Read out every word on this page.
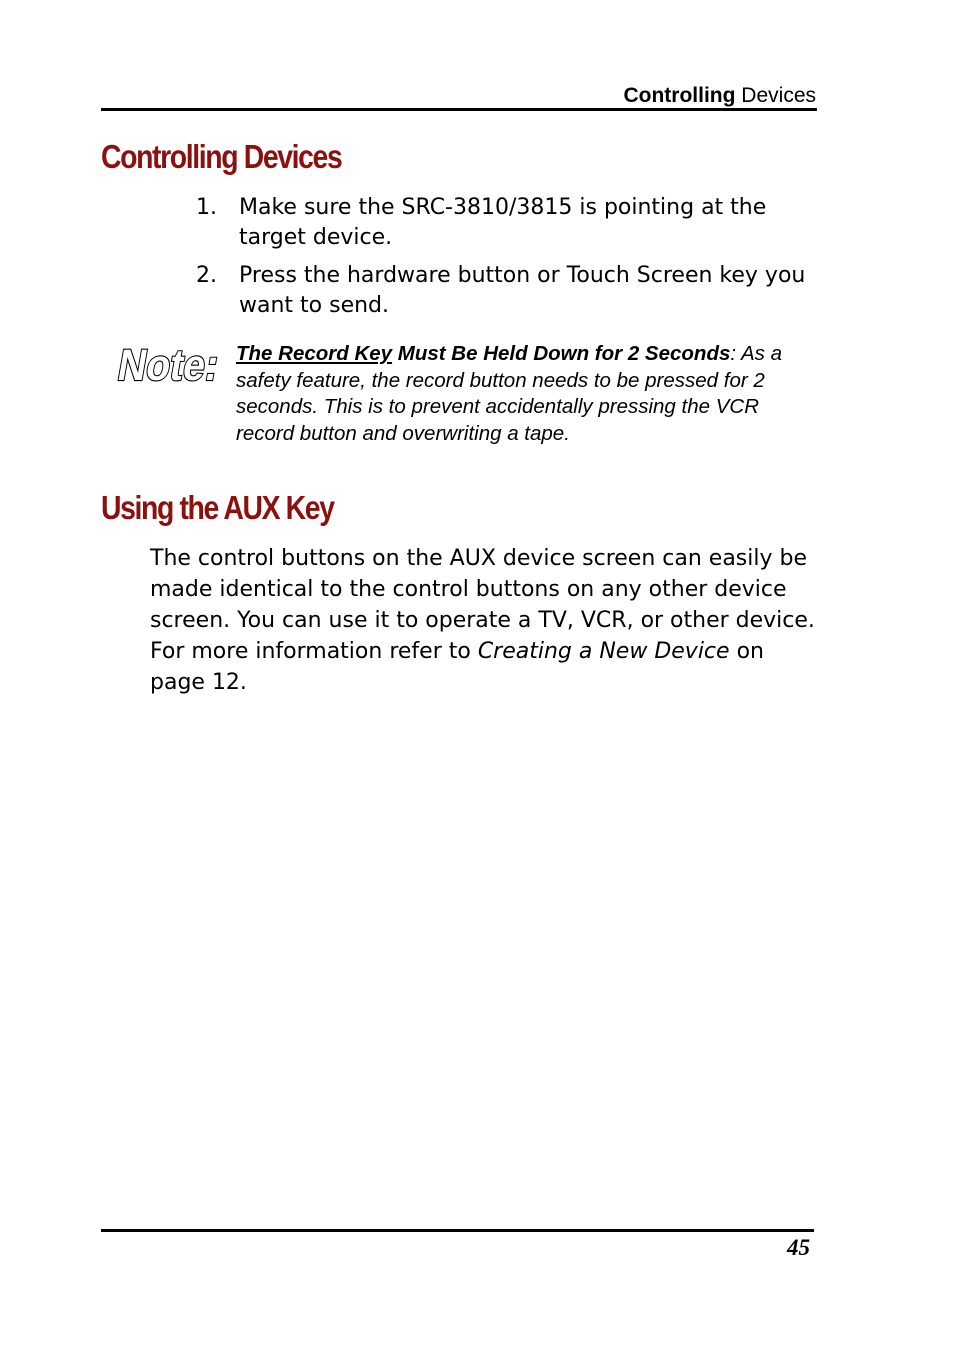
Controlling Devices
Controlling Devices
1. Make sure the SRC-3810/3815 is pointing at the target device.
2. Press the hardware button or Touch Screen key you want to send.
Note: The Record Key Must Be Held Down for 2 Seconds: As a safety feature, the record button needs to be pressed for 2 seconds. This is to prevent accidentally pressing the VCR record button and overwriting a tape.
Using the AUX Key

The control buttons on the AUX device screen can easily be made identical to the control buttons on any other device screen. You can use it to operate a TV, VCR, or other device. For more information refer to Creating a New Device on page 12.

45
